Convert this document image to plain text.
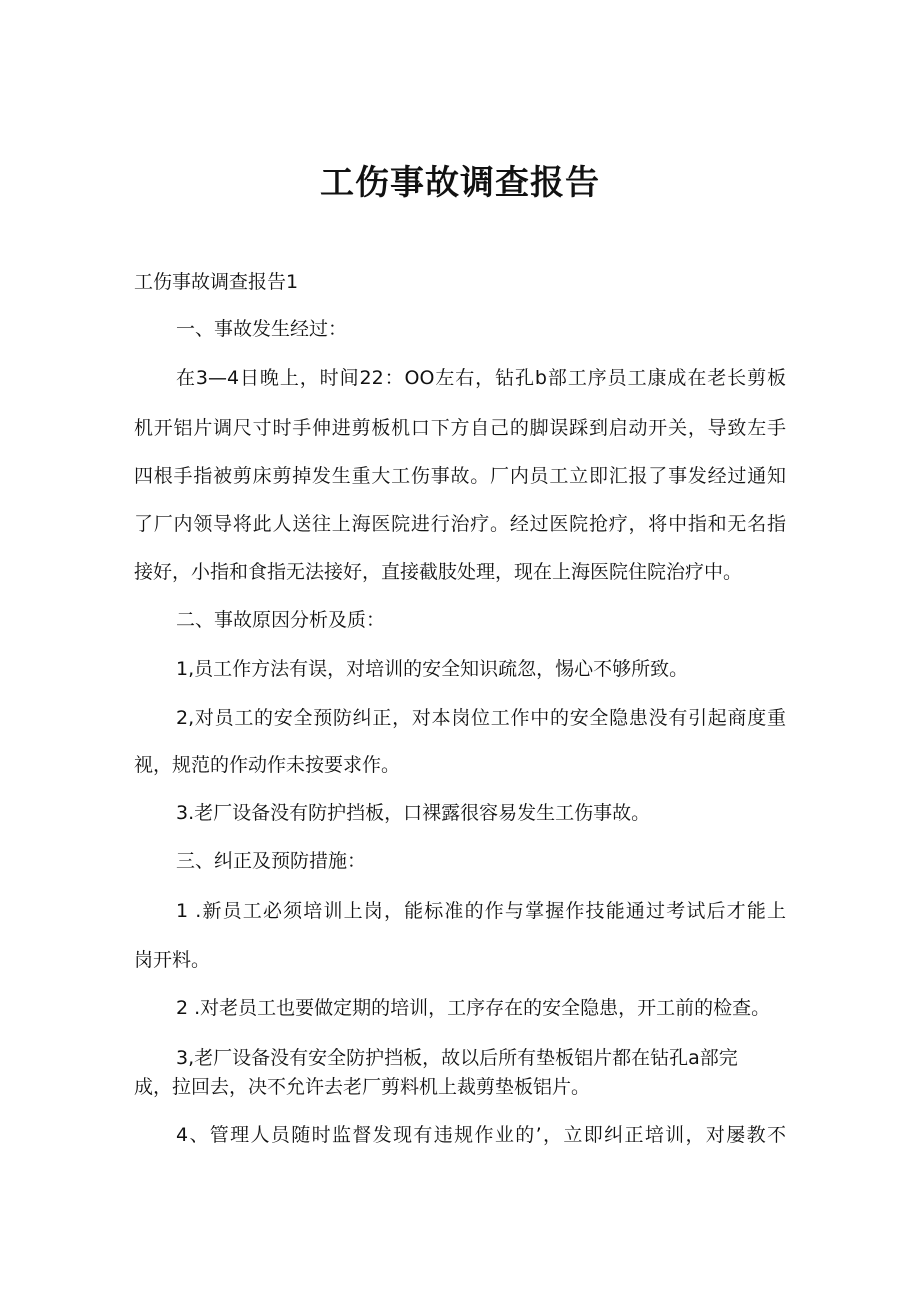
工伤事故调查报告

工伤事故调查报告1

一、事故发生经过：

在3—4日晚上，时间22：OO左右，钻孔b部工序员工康成在老长剪板

机开铝片调尺寸时手伸进剪板机口下方自己的脚误踩到启动开关，导致左手

四根手指被剪床剪掉发生重大工伤事故。厂内员工立即汇报了事发经过通知

了厂内领导将此人送往上海医院进行治疗。经过医院抢疗，将中指和无名指

接好，小指和食指无法接好，直接截肢处理，现在上海医院住院治疗中。

二、事故原因分析及质：

1,员工作方法有误，对培训的安全知识疏忽，惕心不够所致。

2,对员工的安全预防纠正，对本岗位工作中的安全隐患没有引起商度重

视，规范的作动作未按要求作。

3.老厂设备没有防护挡板，口裸露很容易发生工伤事故。

三、纠正及预防措施：

1 .新员工必须培训上岗，能标准的作与掌握作技能通过考试后才能上

岗开料。

2 .对老员工也要做定期的培训，工序存在的安全隐患，开工前的检查。

3,老厂设备没有安全防护挡板，故以后所有垫板铝片都在钻孔a部完

成，拉回去，决不允许去老厂剪料机上裁剪垫板铝片。

4、管理人员随时监督发现有违规作业的’，立即纠正培训，对屡教不
